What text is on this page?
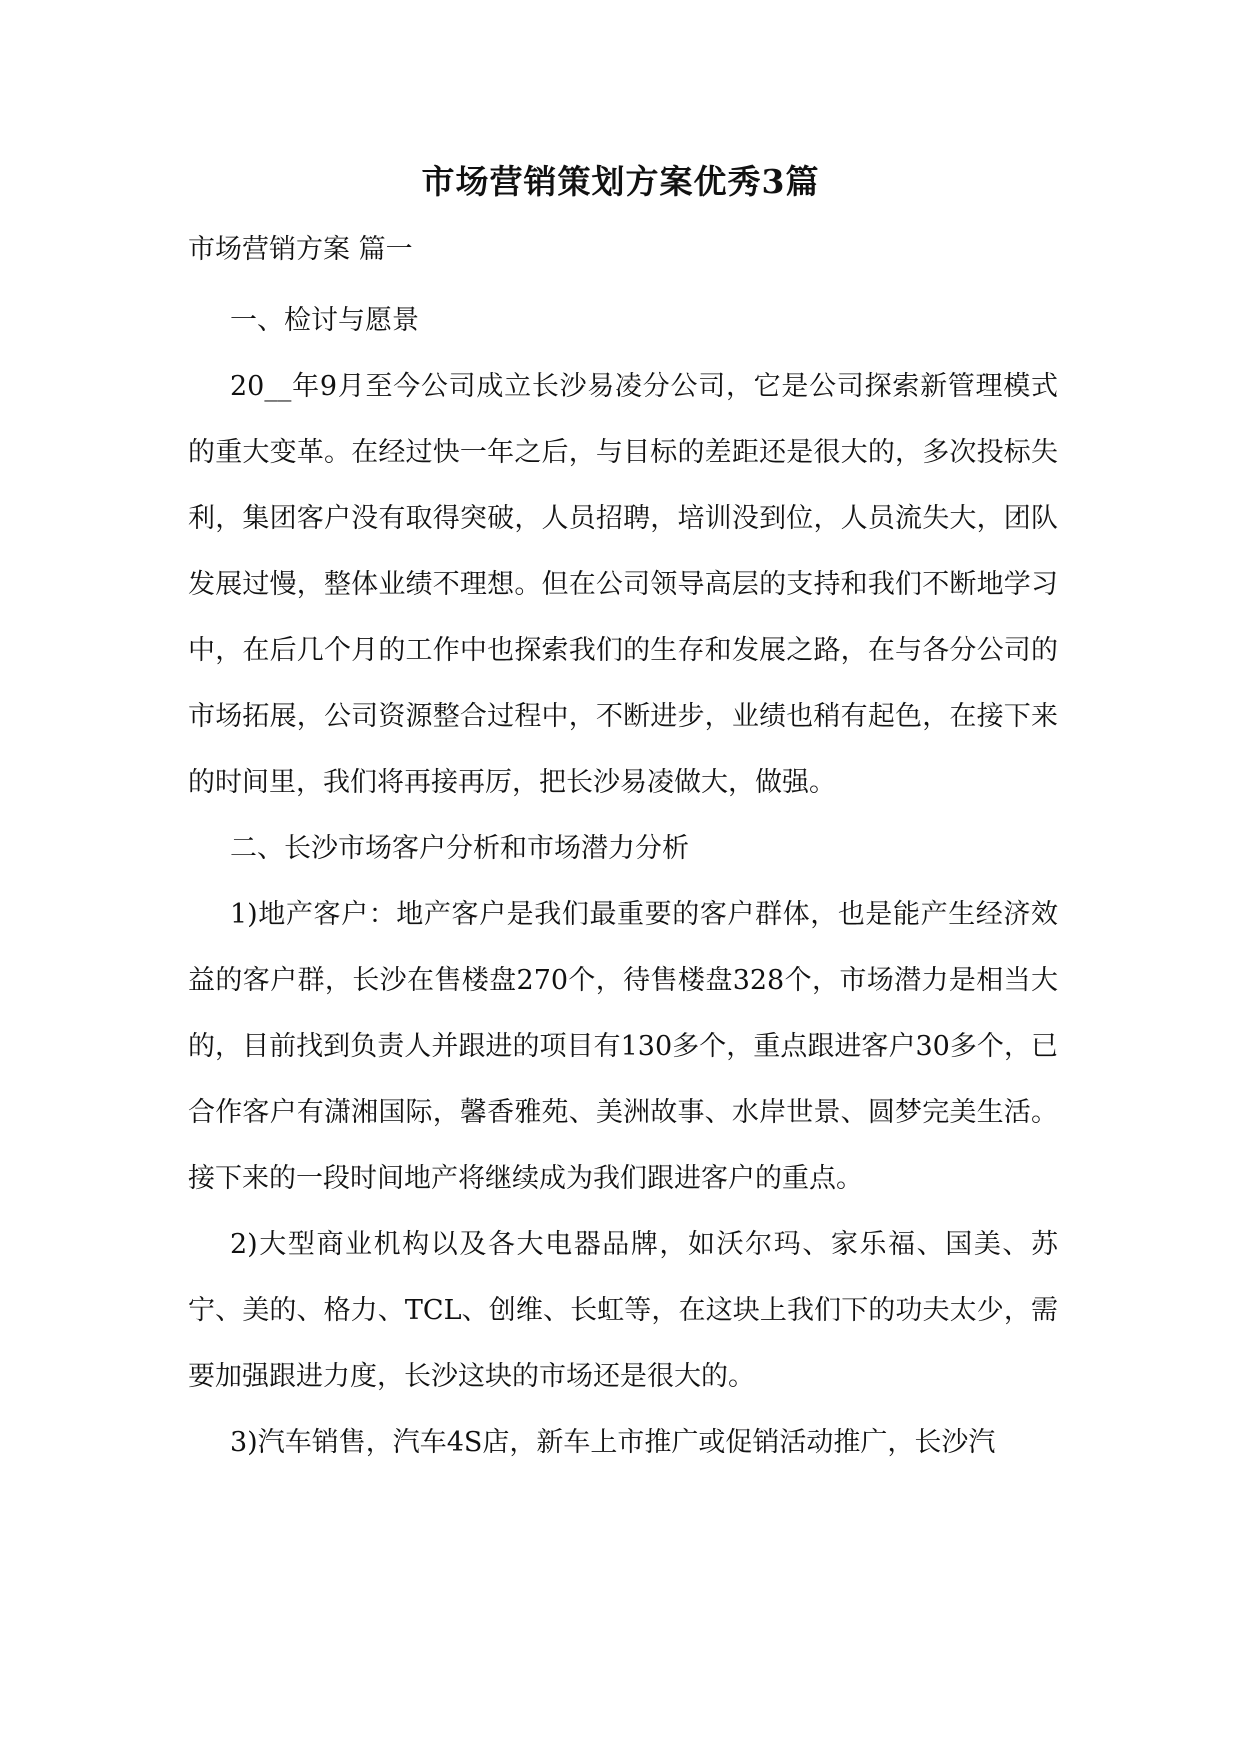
市场营销策划方案优秀3篇

市场营销方案 篇一

一、检讨与愿景

20__年9月至今公司成立长沙易凌分公司，它是公司探索新管理模式的重大变革。在经过快一年之后，与目标的差距还是很大的，多次投标失利，集团客户没有取得突破，人员招聘，培训没到位，人员流失大，团队发展过慢，整体业绩不理想。但在公司领导高层的支持和我们不断地学习中，在后几个月的工作中也探索我们的生存和发展之路，在与各分公司的市场拓展，公司资源整合过程中，不断进步，业绩也稍有起色，在接下来的时间里，我们将再接再厉，把长沙易凌做大，做强。

二、长沙市场客户分析和市场潜力分析

1)地产客户：地产客户是我们最重要的客户群体，也是能产生经济效益的客户群，长沙在售楼盘270个，待售楼盘328个，市场潜力是相当大的，目前找到负责人并跟进的项目有130多个，重点跟进客户30多个，已合作客户有潇湘国际，馨香雅苑、美洲故事、水岸世景、圆梦完美生活。接下来的一段时间地产将继续成为我们跟进客户的重点。

2)大型商业机构以及各大电器品牌，如沃尔玛、家乐福、国美、苏宁、美的、格力、TCL、创维、长虹等，在这块上我们下的功夫太少，需要加强跟进力度，长沙这块的市场还是很大的。

3)汽车销售，汽车4S店，新车上市推广或促销活动推广，长沙汽
